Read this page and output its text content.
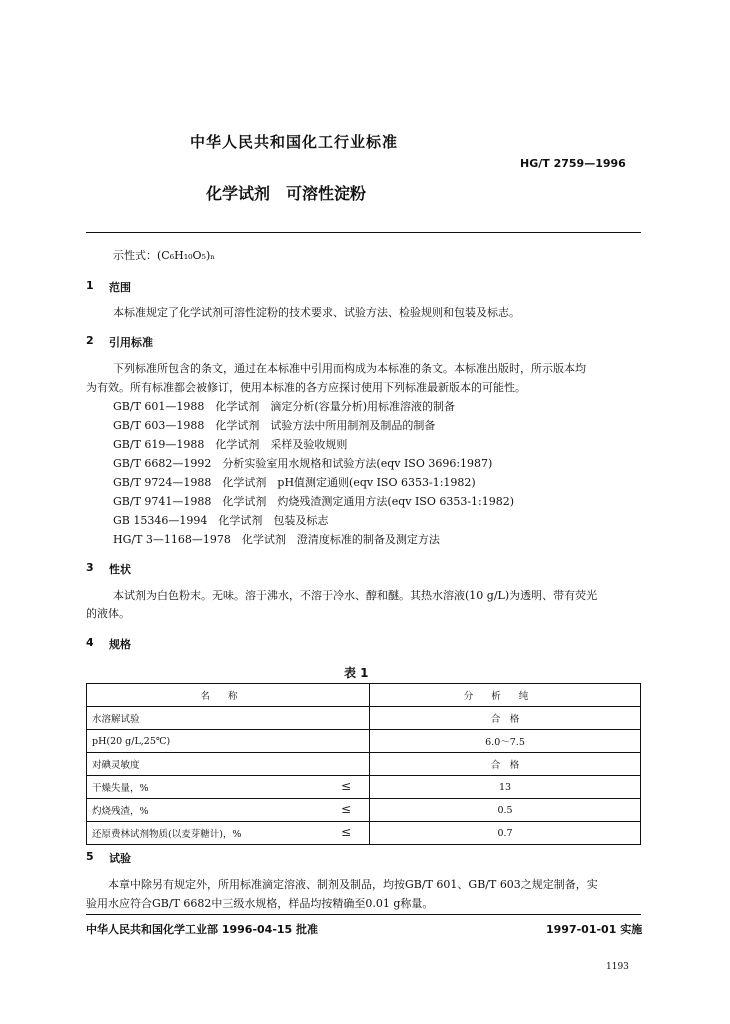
中华人民共和国化工行业标准
HG/T 2759—1996
化学试剂　可溶性淀粉
示性式：(C₆H₁₀O₅)ₙ
1 范围
本标准规定了化学试剂可溶性淀粉的技术要求、试验方法、检验规则和包装及标志。
2 引用标准
下列标准所包含的条文，通过在本标准中引用而构成为本标准的条文。本标准出版时，所示版本均
为有效。所有标准都会被修订，使用本标准的各方应探讨使用下列标准最新版本的可能性。
GB/T 601—1988　化学试剂　滴定分析(容量分析)用标准溶液的制备
GB/T 603—1988　化学试剂　试验方法中所用制剂及制品的制备
GB/T 619—1988　化学试剂　采样及验收规则
GB/T 6682—1992　分析实验室用水规格和试验方法(eqv ISO 3696:1987)
GB/T 9724—1988　化学试剂　pH值测定通则(eqv ISO 6353-1:1982)
GB/T 9741—1988　化学试剂　灼烧残渣测定通用方法(eqv ISO 6353-1:1982)
GB 15346—1994　化学试剂　包装及标志
HG/T 3—1168—1978　化学试剂　澄清度标准的制备及测定方法
3 性状
本试剂为白色粉末。无味。溶于沸水，不溶于冷水、醇和醚。其热水溶液(10 g/L)为透明、带有荧光
的液体。
4 规格
表 1
名称	分析纯
水溶解试验	合　格
pH(20 g/L,25℃)	6.0～7.5
对碘灵敏度	合　格
干燥失量，% ≤	13
灼烧残渣，% ≤	0.5
还原费林试剂物质(以麦芽糖计)，% ≤	0.7
5 试验
本章中除另有规定外，所用标准滴定溶液、制剂及制品，均按GB/T 601、GB/T 603之规定制备，实
验用水应符合GB/T 6682中三级水规格，样品均按精确至0.01 g称量。
中华人民共和国化学工业部 1996-04-15 批准	1997-01-01 实施
1193
